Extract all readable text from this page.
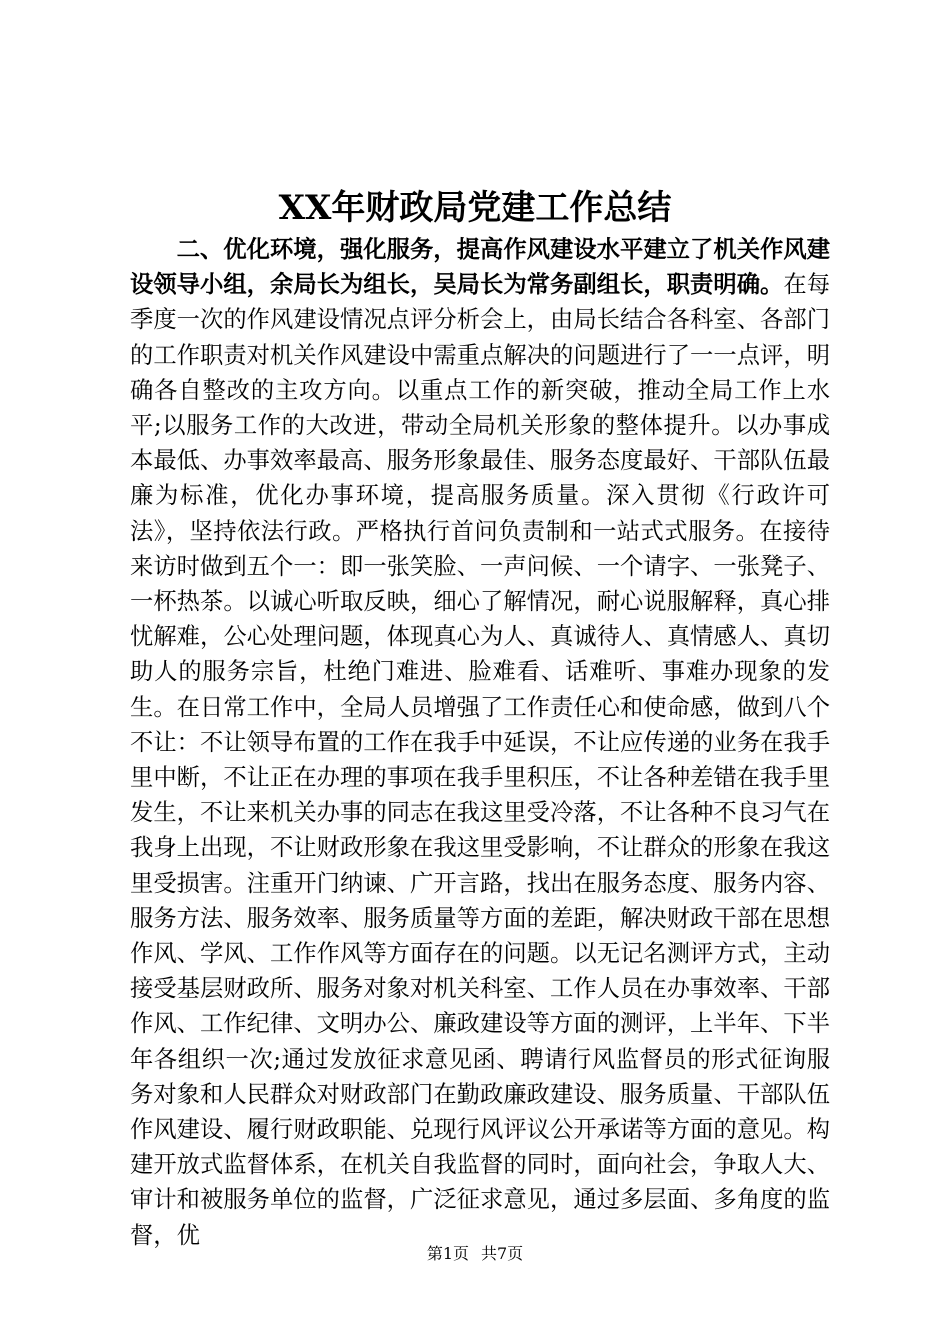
XX年财政局党建工作总结

二、优化环境，强化服务，提高作风建设水平建立了机关作风建设领导小组，余局长为组长，吴局长为常务副组长，职责明确。在每季度一次的作风建设情况点评分析会上，由局长结合各科室、各部门的工作职责对机关作风建设中需重点解决的问题进行了一一点评，明确各自整改的主攻方向。以重点工作的新突破，推动全局工作上水平;以服务工作的大改进，带动全局机关形象的整体提升。以办事成本最低、办事效率最高、服务形象最佳、服务态度最好、干部队伍最廉为标准，优化办事环境，提高服务质量。深入贯彻《行政许可法》，坚持依法行政。严格执行首问负责制和一站式式服务。在接待来访时做到五个一：即一张笑脸、一声问候、一个请字、一张凳子、一杯热茶。以诚心听取反映，细心了解情况，耐心说服解释，真心排忧解难，公心处理问题，体现真心为人、真诚待人、真情感人、真切助人的服务宗旨，杜绝门难进、脸难看、话难听、事难办现象的发生。在日常工作中，全局人员增强了工作责任心和使命感，做到八个不让：不让领导布置的工作在我手中延误，不让应传递的业务在我手里中断，不让正在办理的事项在我手里积压，不让各种差错在我手里发生，不让来机关办事的同志在我这里受冷落，不让各种不良习气在我身上出现，不让财政形象在我这里受影响，不让群众的形象在我这里受损害。注重开门纳谏、广开言路，找出在服务态度、服务内容、服务方法、服务效率、服务质量等方面的差距，解决财政干部在思想作风、学风、工作作风等方面存在的问题。以无记名测评方式，主动接受基层财政所、服务对象对机关科室、工作人员在办事效率、干部作风、工作纪律、文明办公、廉政建设等方面的测评，上半年、下半年各组织一次;通过发放征求意见函、聘请行风监督员的形式征询服务对象和人民群众对财政部门在勤政廉政建设、服务质量、干部队伍作风建设、履行财政职能、兑现行风评议公开承诺等方面的意见。构建开放式监督体系，在机关自我监督的同时，面向社会，争取人大、审计和被服务单位的监督，广泛征求意见，通过多层面、多角度的监督，优

第1页 共7页
